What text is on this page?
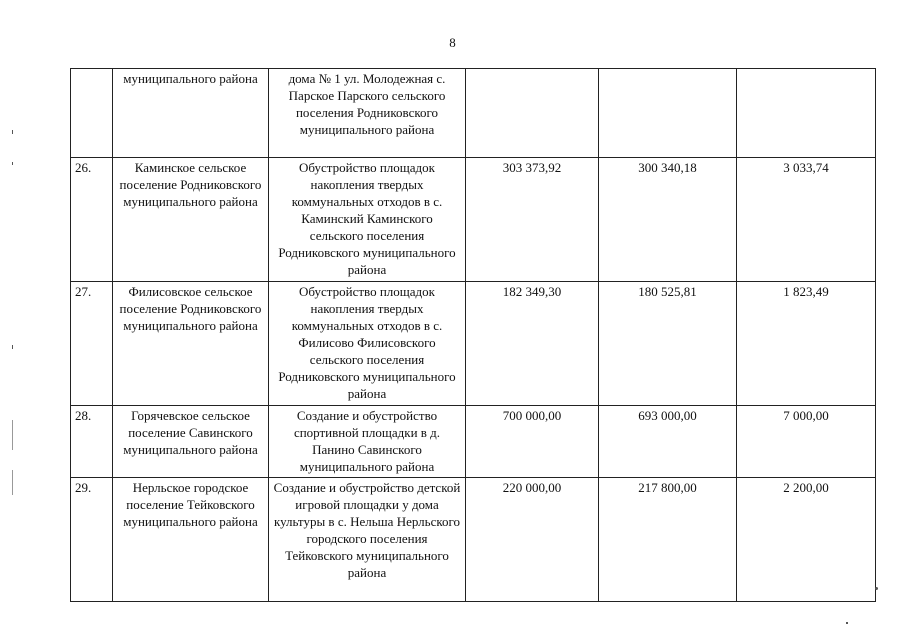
8
	муниципального района	дома № 1 ул. Молодежная с. Парское Парского сельского поселения Родниковского муниципального района			
26.	Каминское сельское поселение Родниковского муниципального района	Обустройство площадок накопления твердых коммунальных отходов в с. Каминский Каминского сельского поселения Родниковского муниципального района	303 373,92	300 340,18	3 033,74
27.	Филисовское сельское поселение Родниковского муниципального района	Обустройство площадок накопления твердых коммунальных отходов в с. Филисово Филисовского сельского поселения Родниковского муниципального района	182 349,30	180 525,81	1 823,49
28.	Горячевское сельское поселение Савинского муниципального района	Создание и обустройство спортивной площадки в д. Панино Савинского муниципального района	700 000,00	693 000,00	7 000,00
29.	Нерльское городское поселение Тейковского муниципального района	Создание и обустройство детской игровой площадки у дома культуры в с. Нельша Нерльского городского поселения Тейковского муниципального района	220 000,00	217 800,00	2 200,00
